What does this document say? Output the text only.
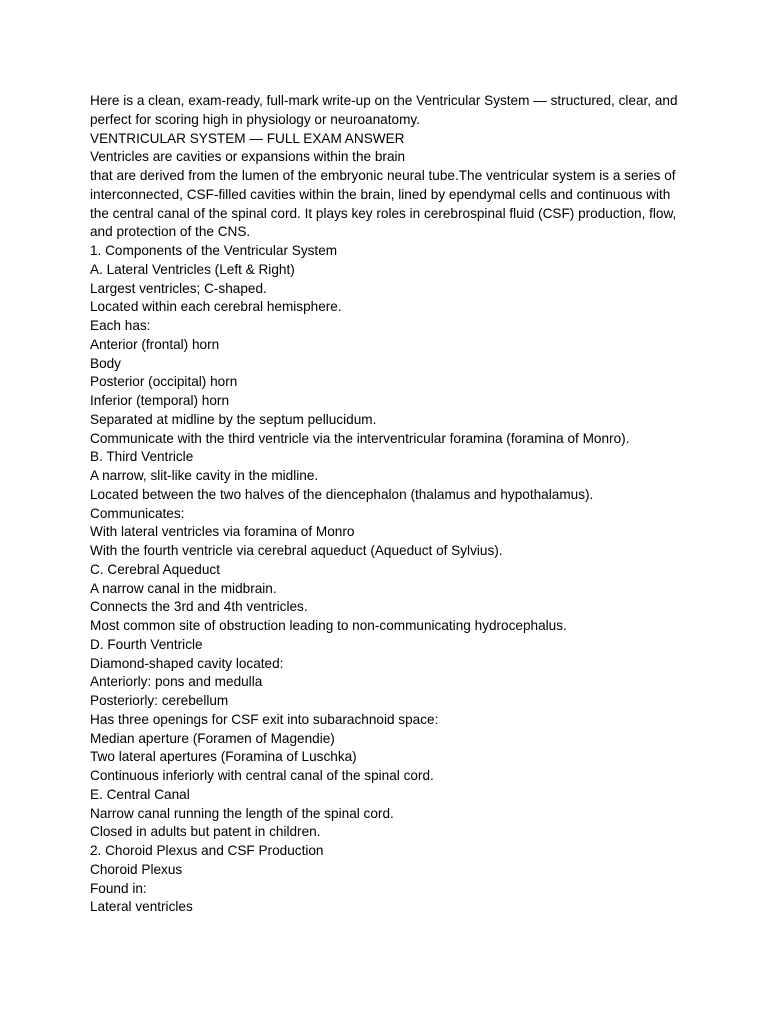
Here is a clean, exam-ready, full-mark write-up on the Ventricular System — structured, clear, and perfect for scoring high in physiology or neuroanatomy.
VENTRICULAR SYSTEM — FULL EXAM ANSWER
Ventricles are cavities or expansions within the brain
that are derived from the lumen of the embryonic neural tube.The ventricular system is a series of interconnected, CSF-filled cavities within the brain, lined by ependymal cells and continuous with the central canal of the spinal cord. It plays key roles in cerebrospinal fluid (CSF) production, flow, and protection of the CNS.
1. Components of the Ventricular System
A. Lateral Ventricles (Left & Right)
Largest ventricles; C-shaped.
Located within each cerebral hemisphere.
Each has:
Anterior (frontal) horn
Body
Posterior (occipital) horn
Inferior (temporal) horn
Separated at midline by the septum pellucidum.
Communicate with the third ventricle via the interventricular foramina (foramina of Monro).
B. Third Ventricle
A narrow, slit-like cavity in the midline.
Located between the two halves of the diencephalon (thalamus and hypothalamus).
Communicates:
With lateral ventricles via foramina of Monro
With the fourth ventricle via cerebral aqueduct (Aqueduct of Sylvius).
C. Cerebral Aqueduct
A narrow canal in the midbrain.
Connects the 3rd and 4th ventricles.
Most common site of obstruction leading to non-communicating hydrocephalus.
D. Fourth Ventricle
Diamond-shaped cavity located:
Anteriorly: pons and medulla
Posteriorly: cerebellum
Has three openings for CSF exit into subarachnoid space:
Median aperture (Foramen of Magendie)
Two lateral apertures (Foramina of Luschka)
Continuous inferiorly with central canal of the spinal cord.
E. Central Canal
Narrow canal running the length of the spinal cord.
Closed in adults but patent in children.
2. Choroid Plexus and CSF Production
Choroid Plexus
Found in:
Lateral ventricles
